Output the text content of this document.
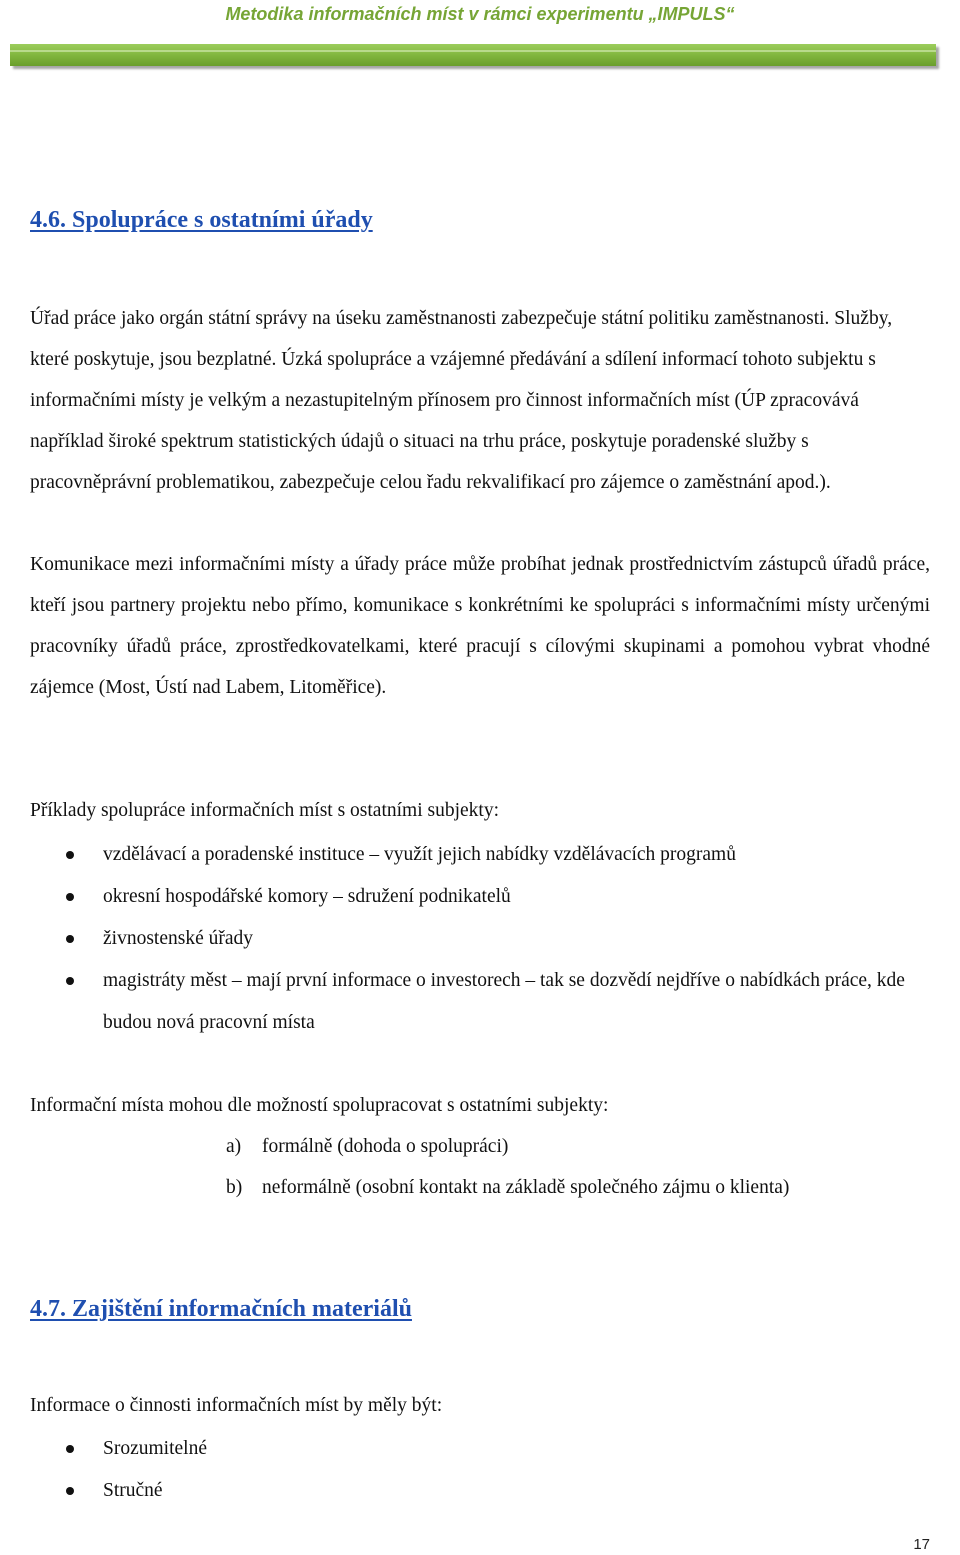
Metodika informačních míst v rámci experimentu „IMPULS“
4.6. Spolupráce s ostatními úřady

Úřad práce jako orgán státní správy na úseku zaměstnanosti zabezpečuje státní politiku zaměstnanosti. Služby, které poskytuje, jsou bezplatné. Úzká spolupráce a vzájemné předávání a sdílení informací tohoto subjektu s informačními místy je velkým a nezastupitelným přínosem pro činnost informačních míst (ÚP zpracovává například široké spektrum statistických údajů o situaci na trhu práce, poskytuje poradenské služby s pracovněprávní problematikou, zabezpečuje celou řadu rekvalifikací pro zájemce o zaměstnání apod.).

Komunikace mezi informačními místy a úřady práce může probíhat jednak prostřednictvím zástupců úřadů práce, kteří jsou partnery projektu nebo přímo, komunikace s konkrétními ke spolupráci s informačními místy určenými pracovníky úřadů práce, zprostředkovatelkami, které pracují s cílovými skupinami a pomohou vybrat vhodné zájemce (Most, Ústí nad Labem, Litoměřice).

Příklady spolupráce informačních míst s ostatními subjekty:

vzdělávací a poradenské instituce – využít jejich nabídky vzdělávacích programů
okresní hospodářské komory – sdružení podnikatelů
živnostenské úřady
magistráty měst – mají první informace o investorech – tak se dozvědí nejdříve o nabídkách práce, kde budou nová pracovní místa

Informační místa mohou dle možností spolupracovat s ostatními subjekty:

a) formálně (dohoda o spolupráci)
b) neformálně (osobní kontakt na základě společného zájmu o klienta)
4.7. Zajištění informačních materiálů

Informace o činnosti informačních míst by měly být:

Srozumitelné
Stručné
17
